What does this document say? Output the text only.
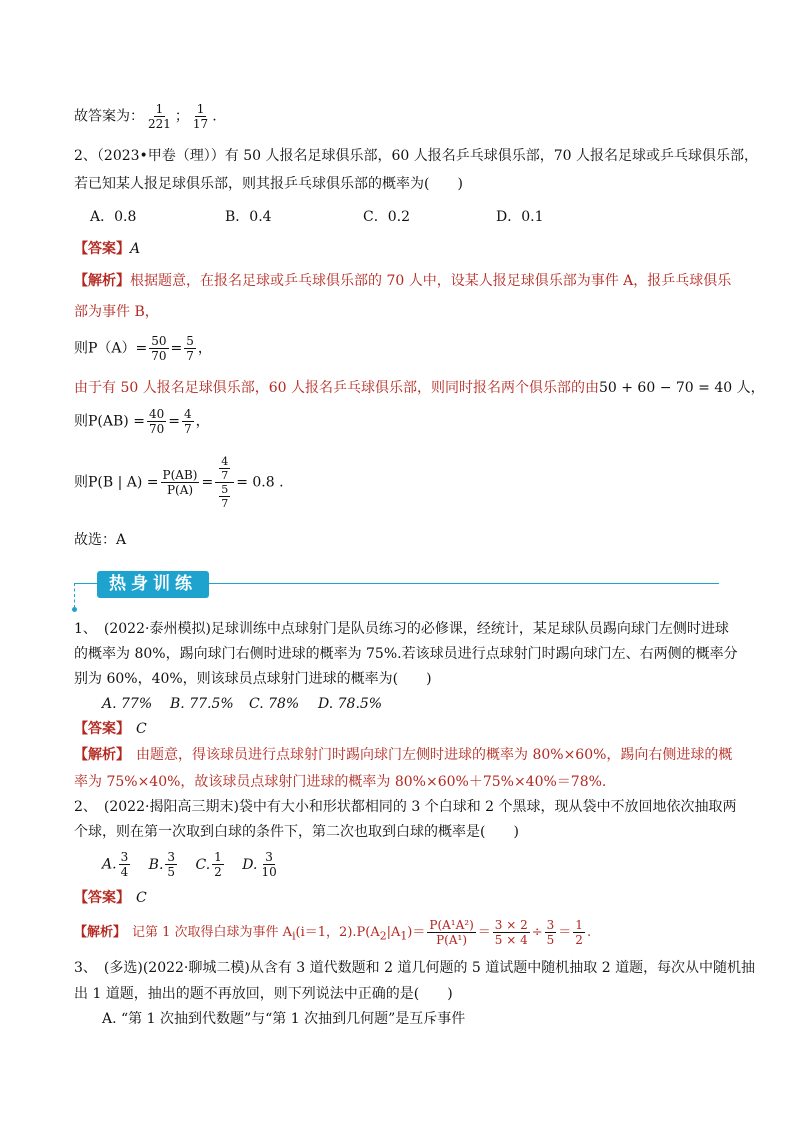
故答案为： $\frac{1}{221}$ ； $\frac{1}{17}$ .
2、（2023•甲卷（理））有 50 人报名足球俱乐部，60 人报名乒乓球俱乐部，70 人报名足球或乒乓球俱乐部，
若已知某人报足球俱乐部，则其报乒乓球俱乐部的概率为(　　)
A．0.8	B．0.4	C．0.2	D．0.1
【答案】A
【解析】根据题意，在报名足球或乒乓球俱乐部的 70 人中，设某人报足球俱乐部为事件 A，报乒乓球俱乐
部为事件 B，
则$P(A)= \frac{50}{70} = \frac{5}{7}$ ，
由于有 50 人报名足球俱乐部，60 人报名乒乓球俱乐部，则同时报名两个俱乐部的由50 + 60 − 70 = 40 人，
则$P(AB) = \frac{40}{70} = \frac{4}{7}$ ，
则P(B | $A) = \frac{P(AB)}{P(A)} = \frac{\frac{4}{7}}{\frac{5}{7}} = 0.8$ .
故选：A
热身训练
1、　(2022·泰州模拟)足球训练中点球射门是队员练习的必修课，经统计，某足球队员踢向球门左侧时进球
的概率为 80%，踢向球门右侧时进球的概率为 75%.若该球员进行点球射门时踢向球门左、右两侧的概率分
别为 60%，40%，则该球员点球射门进球的概率为(　　)
A. 77% B. 77.5% C. 78% D. 78.5%
【答案】 C
【解析】 由题意，得该球员进行点球射门时踢向球门左侧时进球的概率为 80%×60%，踢向右侧进球的概
率为 75%×40%，故该球员点球射门进球的概率为 80%×60%＋75%×40%＝78%.
2、　(2022·揭阳高三期末)袋中有大小和形状都相同的 3 个白球和 2 个黑球，现从袋中不放回地依次抽取两
个球，则在第一次取到白球的条件下，第二次也取到白球的概率是(　　)
A. $\frac{3}{4} B$. $\frac{3}{5} C$. $\frac{1}{2} D$. $\frac{3}{10}$
【答案】 C
【解析】 记第 1 次取得白球为事件 $A_i(i=1$，$2).P(A_2|A_1)= \frac{\text{P(A¹A²)}}{\text{P(A¹)}} = \frac{3 \times 2}{5 \times 4} \div \frac{3}{5} = \frac{1}{2}$ .
3、　(多选)(2022·聊城二模)从含有 3 道代数题和 2 道几何题的 5 道试题中随机抽取 2 道题，每次从中随机抽
出 1 道题，抽出的题不再放回，则下列说法中正确的是(　　)
A. “第 1 次抽到代数题”与“第 1 次抽到几何题”是互斥事件
